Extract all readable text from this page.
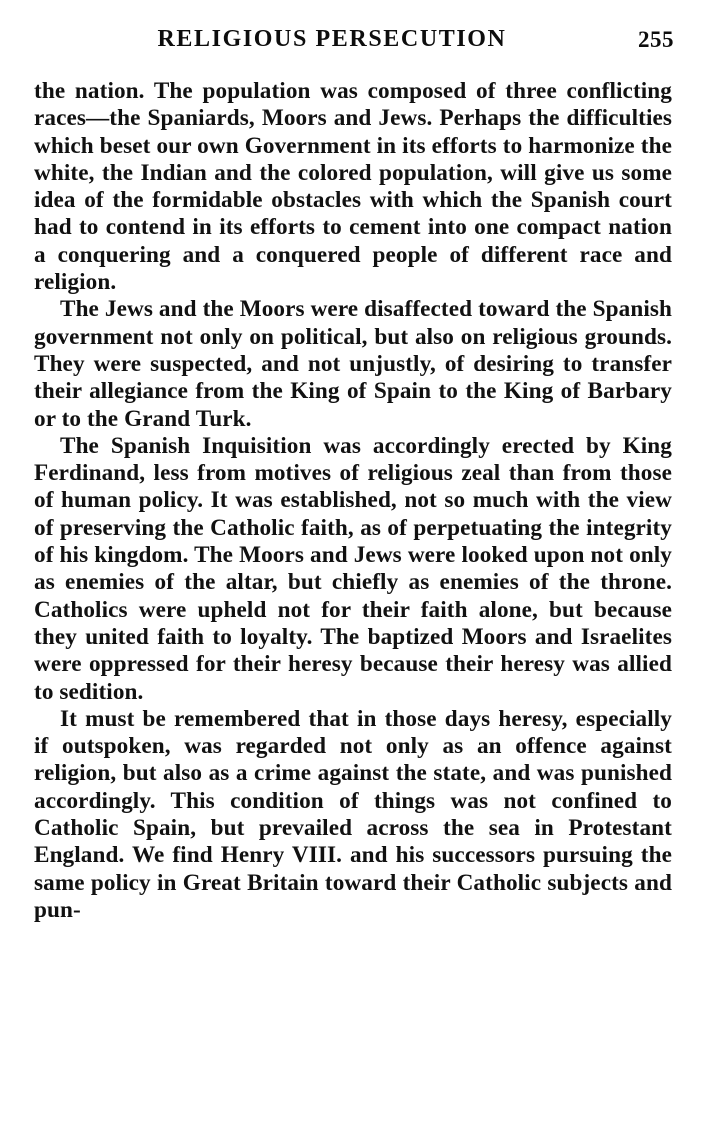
RELIGIOUS PERSECUTION	255

the nation. The population was composed of three conflicting races—the Spaniards, Moors and Jews. Perhaps the difficulties which beset our own Government in its efforts to harmonize the white, the Indian and the colored population, will give us some idea of the formidable obstacles with which the Spanish court had to contend in its efforts to cement into one compact nation a conquering and a conquered people of different race and religion.

The Jews and the Moors were disaffected toward the Spanish government not only on political, but also on religious grounds. They were suspected, and not unjustly, of desiring to transfer their allegiance from the King of Spain to the King of Barbary or to the Grand Turk.

The Spanish Inquisition was accordingly erected by King Ferdinand, less from motives of religious zeal than from those of human policy. It was established, not so much with the view of preserving the Catholic faith, as of perpetuating the integrity of his kingdom. The Moors and Jews were looked upon not only as enemies of the altar, but chiefly as enemies of the throne. Catholics were upheld not for their faith alone, but because they united faith to loyalty. The baptized Moors and Israelites were oppressed for their heresy because their heresy was allied to sedition.

It must be remembered that in those days heresy, especially if outspoken, was regarded not only as an offence against religion, but also as a crime against the state, and was punished accordingly. This condition of things was not confined to Catholic Spain, but prevailed across the sea in Protestant England. We find Henry VIII. and his successors pursuing the same policy in Great Britain toward their Catholic subjects and pun-
